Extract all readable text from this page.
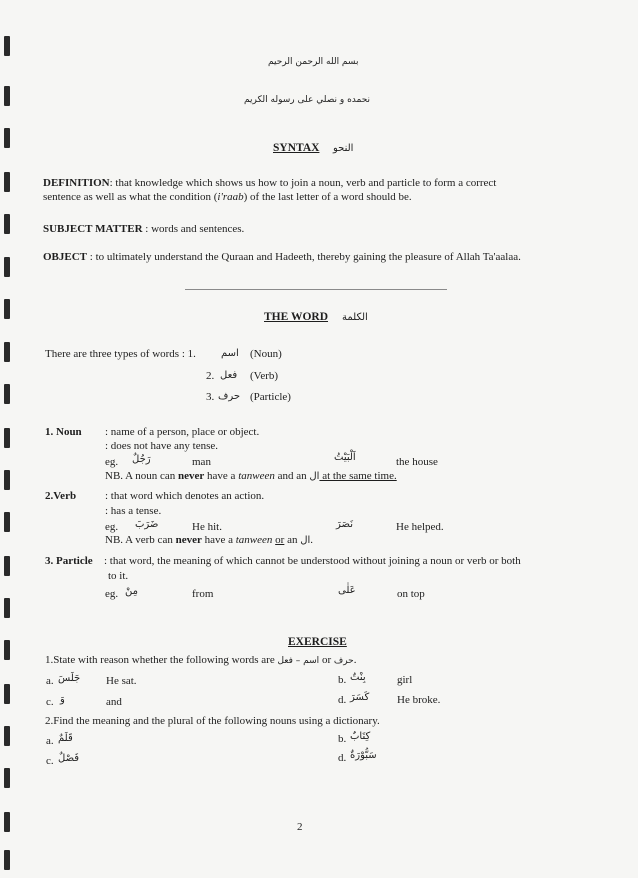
بسم الله الرحمن الرحيم
نحمده و نصلي على رسوله الكريم
SYNTAX النحو
DEFINITION: that knowledge which shows us how to join a noun, verb and particle to form a correct
sentence as well as what the condition (i'raab) of the last letter of a word should be.
SUBJECT MATTER : words and sentences.
OBJECT : to ultimately understand the Quraan and Hadeeth, thereby gaining the pleasure of Allah Ta'aalaa.
THE WORD الكلمة
There are three types of words : 1.	اسم (Noun)
2. فعل (Verb)
3. حرف (Particle)
1. Noun : name of a person, place or object.
: does not have any tense.
eg. رَجُلٌ	man	اَلْبَيْتُ	the house
NB. A noun can never have a tanween and an ال at the same time.
2.Verb	: that word which denotes an action.
: has a tense.
eg. ضَرَبَ	He hit.	نَصَرَ	He helped.
NB. A verb can never have a tanween or an ال.
3. Particle : that word, the meaning of which cannot be understood without joining a noun or verb or both
to it.
eg. مِنْ	from	عَلٰى	on top
EXERCISE
1.State with reason whether the following words are اسم – فعل or حرف.
a. جَلَسَ He sat.	b. بِنْتٌ	girl
c. وَ	and	d. كَسَرَ	He broke.
2.Find the meaning and the plural of the following nouns using a dictionary.
a. قَلَمٌ	b. كِتَابٌ
c. فَصْلٌ	d. سَبُّوْرَةٌ
2
